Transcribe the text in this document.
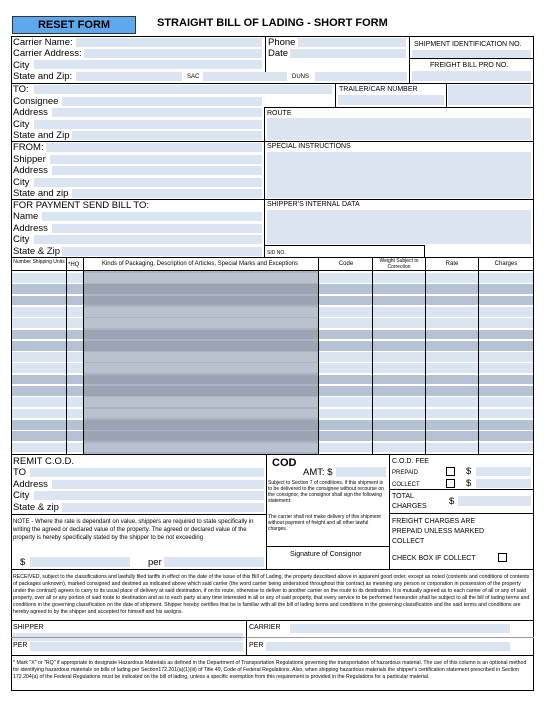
RESET FORM	STRAIGHT BILL OF LADING - SHORT FORM
Carrier Name:
Carrier Address:
City
State and Zip:	SAC	DUNS
Phone
Date
SHIPMENT IDENTIFICATION NO.
FREIGHT BILL PRO NO.
TO:
Consignee
Address
City
State and Zip
TRAILER/CAR NUMBER
ROUTE
FROM:
Shipper
Address
City
State and zip
SPECIAL INSTRUCTIONS
FOR PAYMENT SEND BILL TO:
Name
Address
City
State & Zip
SHIPPER'S INTERNAL DATA
SID NO.
Number Shipping Units *HQ	Kinds of Packaging, Description of Articles, Special Marks and Exceptions	Code	Weight Subject to Correction	Rate	Charges
REMIT C.O.D.
TO
Address
City
State & zip
COD
AMT: $
Subject to Section 7 of conditions, if this shipment is to be delivered to the consignee without recourse on the consignor, the consignor shall sign the following statement:
The carrier shall not make delivery of this shipment without payment of freight and all other lawful charges.
Signature of Consignor
C.O.D. FEE
PREPAID	$
COLLECT	$
TOTAL CHARGES	$
FREIGHT CHARGES ARE PREPAID UNLESS MARKED COLLECT
CHECK BOX IF COLLECT
NOTE - Where the rate is dependant on value, shippers are required to state specifically in writing the agreed or declared value of the property. The agreed or declared value of the property is hereby specifically stated by the shipper to be not exceeding
$	per
RECEIVED, subject to the classifications and lawfully filed tariffs in effect on the date of the issue of this Bill of Lading, the property described above in apparent good order, except as noted (contents and conditions of contents of packages unknown), marked consigned and destined as indicated above which said carrier (the word carrier being understood throughout this contract as meaning any person or corporation in possession of the property under the contract) agrees to carry to its usual place of delivery at said destination, if on its route, otherwise to deliver to another carrier on the route to its destination. It is mutually agreed as to each carrier of all or any of said property, over all or any portion of said route to destination and as to each party at any time interested in all or any of said property, that every service to be performed hereunder shall be subject to all the bill of lading terms and conditions in the governing classification on the date of shipment. Shipper hereby certifies that he is familiar with all the bill of lading terms and conditions in the governing classification and the said terms and conditions are hereby agreed to by the shipper and accepted for himself and his assigns.
SHIPPER	CARRIER
PER	PER
* Mark "X" or "RQ" if appropriate to designate Hazardous Materials as defined in the Department of Transportation Regulations governing the transportation of hazardous material. The use of this column is an optional method for identifying hazardous materials on bills of lading per Section172.201(a)(1)(iii) of Title 49, Code of Federal Regulations. Also, when shipping hazardous materials the shipper's certification statement prescribed in Section 172.204(a) of the Federal Regulations must be indicated on the bill of lading, unless a specific exemption from this requirement is provided in the Regulations for a particular material.
